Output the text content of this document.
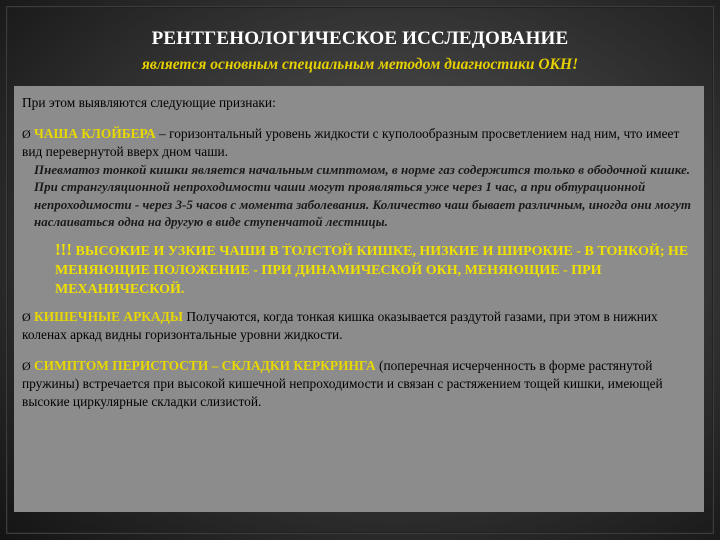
РЕНТГЕНОЛОГИЧЕСКОЕ ИССЛЕДОВАНИЕ
является основным специальным методом диагностики ОКН!

При этом выявляются следующие признаки:

Ø ЧАША КЛОЙБЕРА – горизонтальный уровень жидкости с куполообразным просветлением над ним, что имеет вид перевернутой вверх дном чаши.

Пневматоз тонкой кишки является начальным симптомом, в норме газ содержится только в ободочной кишке.

При странгуляционной непроходимости чаши могут проявляться уже через 1 час, а при обтурационной непроходимости - через 3-5 часов с момента заболевания. Количество чаш бывает различным, иногда они могут наслаиваться одна на другую в виде ступенчатой лестницы.

!!! ВЫСОКИЕ И УЗКИЕ ЧАШИ В ТОЛСТОЙ КИШКЕ, НИЗКИЕ И ШИРОКИЕ - В ТОНКОЙ; НЕ МЕНЯЮЩИЕ ПОЛОЖЕНИЕ - ПРИ ДИНАМИЧЕСКОЙ ОКН, МЕНЯЮЩИЕ - ПРИ МЕХАНИЧЕСКОЙ.

Ø КИШЕЧНЫЕ АРКАДЫ Получаются, когда тонкая кишка оказывается раздутой газами, при этом в нижних коленах аркад видны горизонтальные уровни жидкости.

Ø СИМПТОМ ПЕРИСТОСТИ – СКЛАДКИ КЕРКРИНГА (поперечная исчерченность в форме растянутой пружины) встречается при высокой кишечной непроходимости и связан с растяжением тощей кишки, имеющей высокие циркулярные складки слизистой.
